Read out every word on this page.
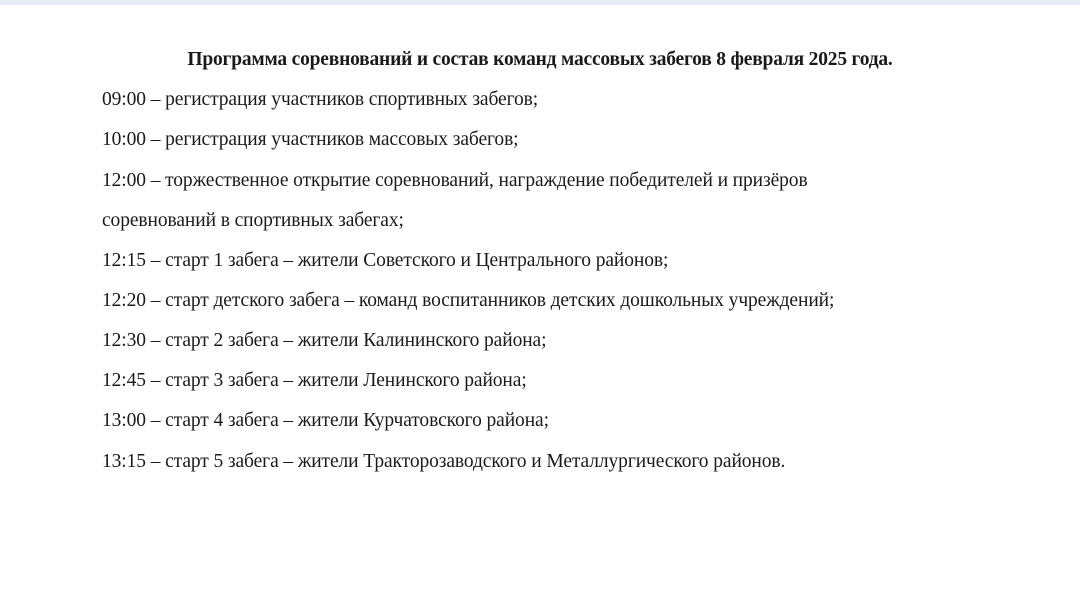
Программа соревнований и состав команд массовых забегов 8 февраля 2025 года.
09:00 – регистрация участников спортивных забегов;
10:00 – регистрация участников массовых забегов;
12:00 – торжественное открытие соревнований, награждение победителей и призёров
соревнований в спортивных забегах;
12:15 – старт 1 забега – жители Советского и Центрального районов;
12:20 – старт детского забега – команд воспитанников детских дошкольных учреждений;
12:30 – старт 2 забега – жители Калининского района;
12:45 – старт 3 забега – жители Ленинского района;
13:00 – старт 4 забега – жители Курчатовского района;
13:15 – старт 5 забега – жители Тракторозаводского и Металлургического районов.
